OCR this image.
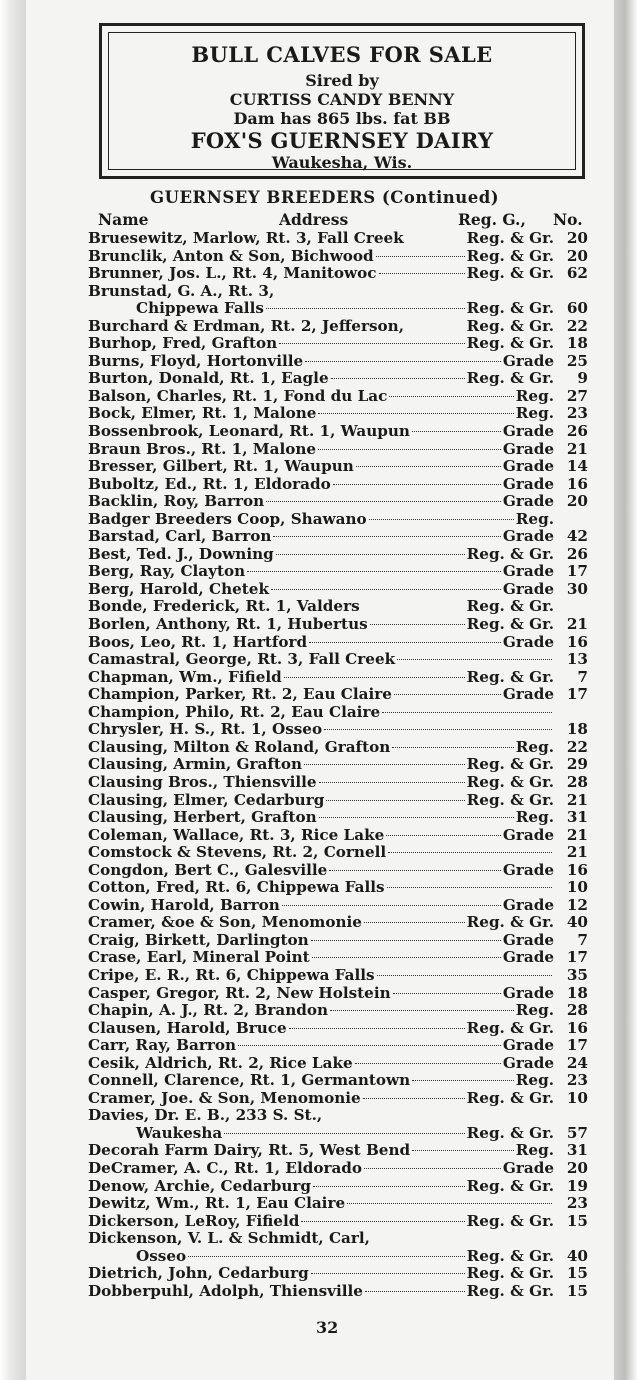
BULL CALVES FOR SALE
Sired by
CURTISS CANDY BENNY
Dam has 865 lbs. fat BB
FOX'S GUERNSEY DAIRY
Waukesha, Wis.
GUERNSEY BREEDERS (Continued)
Name	Address	Reg. G., No.
Bruesewitz, Marlow, Rt. 3, Fall Creek	Reg. & Gr. 20
Brunclik, Anton & Son, Bichwood	Reg. & Gr. 20
Brunner, Jos. L., Rt. 4, Manitowoc	Reg. & Gr. 62
Brunstad, G. A., Rt. 3,
Chippewa Falls	Reg. & Gr. 60
Burchard & Erdman, Rt. 2, Jefferson,	Reg. & Gr. 22
Burhop, Fred, Grafton	Reg. & Gr. 18
Burns, Floyd, Hortonville	Grade 25
Burton, Donald, Rt. 1, Eagle	Reg. & Gr.	9
Balson, Charles, Rt. 1, Fond du Lac	Reg. 27
Bock, Elmer, Rt. 1, Malone	Reg. 23
Bossenbrook, Leonard, Rt. 1, Waupun	Grade 26
Braun Bros., Rt. 1, Malone	Grade 21
Bresser, Gilbert, Rt. 1, Waupun	Grade 14
Buboltz, Ed., Rt. 1, Eldorado	Grade 16
Backlin, Roy, Barron	Grade 20
Badger Breeders Coop, Shawano	Reg.
Barstad, Carl, Barron	Grade 42
Best, Ted. J., Downing	Reg. & Gr. 26
Berg, Ray, Clayton	Grade 17
Berg, Harold, Chetek	Grade 30
Bonde, Frederick, Rt. 1, Valders	Reg. & Gr.
Borlen, Anthony, Rt. 1, Hubertus	Reg. & Gr. 21
Boos, Leo, Rt. 1, Hartford	Grade 16
Camastral, George, Rt. 3, Fall Creek	13
Chapman, Wm., Fifield	Reg. & Gr.	7
Champion, Parker, Rt. 2, Eau Claire	Grade 17
Champion, Philo, Rt. 2, Eau Claire
Chrysler, H. S., Rt. 1, Osseo	18
Clausing, Milton & Roland, Grafton	Reg. 22
Clausing, Armin, Grafton	Reg. & Gr. 29
Clausing Bros., Thiensville	Reg. & Gr. 28
Clausing, Elmer, Cedarburg	Reg. & Gr. 21
Clausing, Herbert, Grafton	Reg. 31
Coleman, Wallace, Rt. 3, Rice Lake	Grade 21
Comstock & Stevens, Rt. 2, Cornell	21
Congdon, Bert C., Galesville	Grade 16
Cotton, Fred, Rt. 6, Chippewa Falls	10
Cowin, Harold, Barron	Grade 12
Cramer, &oe & Son, Menomonie	Reg. & Gr. 40
Craig, Birkett, Darlington	Grade	7
Crase, Earl, Mineral Point	Grade 17
Cripe, E. R., Rt. 6, Chippewa Falls	35
Casper, Gregor, Rt. 2, New Holstein	Grade 18
Chapin, A. J., Rt. 2, Brandon	Reg. 28
Clausen, Harold, Bruce	Reg. & Gr. 16
Carr, Ray, Barron	Grade 17
Cesik, Aldrich, Rt. 2, Rice Lake	Grade 24
Connell, Clarence, Rt. 1, Germantown	Reg. 23
Cramer, Joe. & Son, Menomonie	Reg. & Gr. 10
Davies, Dr. E. B., 233 S. St.,
Waukesha	Reg. & Gr. 57
Decorah Farm Dairy, Rt. 5, West Bend	Reg. 31
DeCramer, A. C., Rt. 1, Eldorado	Grade 20
Denow, Archie, Cedarburg	Reg. & Gr. 19
Dewitz, Wm., Rt. 1, Eau Claire	23
Dickerson, LeRoy, Fifield	Reg. & Gr. 15
Dickenson, V. L. & Schmidt, Carl,
Osseo	Reg. & Gr. 40
Dietrich, John, Cedarburg	Reg. & Gr. 15
Dobberpuhl, Adolph, Thiensville	Reg. & Gr. 15
32
